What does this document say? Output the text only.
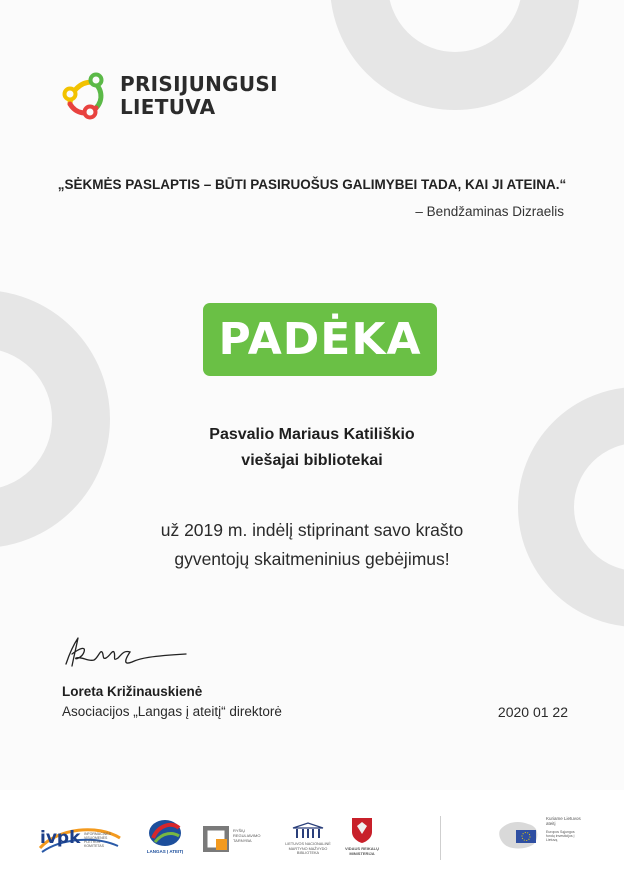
PRISIJUNGUSI
LIETUVA
„SĖKMĖS PASLAPTIS – BŪTI PASIRUOŠUS GALIMYBEI TADA, KAI JI ATEINA.“
– Bendžaminas Dizraelis
PADĖKA
Pasvalio Mariaus Katiliškio
viešajai bibliotekai
už 2019 m. indėlį stiprinant savo krašto
gyventojų skaitmeninius gebėjimus!
Loreta Križinauskienė
Asociacijos „Langas į ateitį“ direktorė	2020 01 22
ivpk INFORMACINĖS VISUOMENĖS PLĖTROS KOMITETAS
LANGAS Į ATEITĮ
RYŠIŲ REGULIAVIMO TARNYBA
LIETUVOS NACIONALINĖ MARTYNO MAŽVYDO BIBLIOTEKA
VIDAUS REIKALŲ MINISTERIJA
Kuriame Lietuvos ateitį
Europos Sąjungos fondų investicijos į Lietuvą
